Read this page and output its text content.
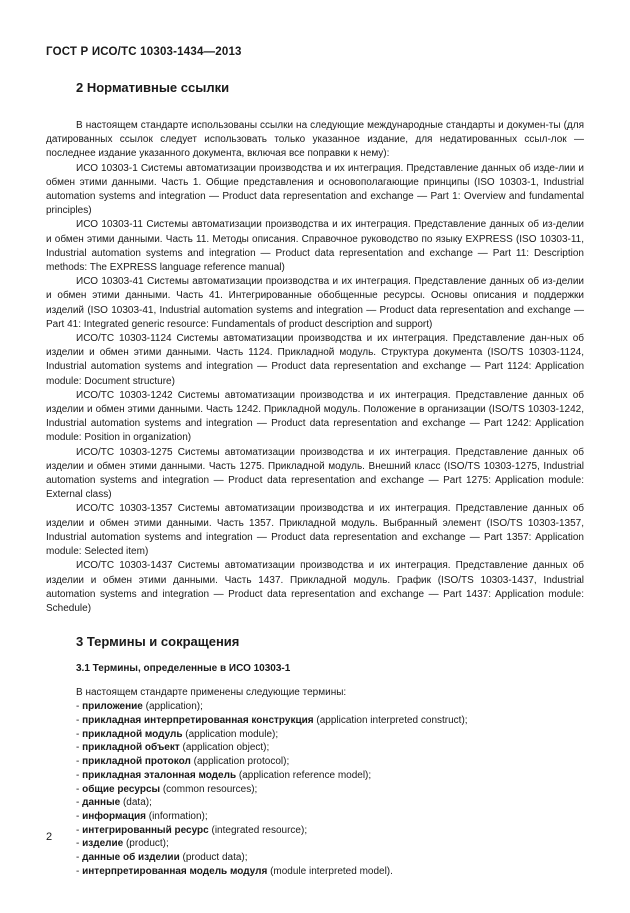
ГОСТ Р ИСО/ТС 10303-1434—2013
2 Нормативные ссылки

В настоящем стандарте использованы ссылки на следующие международные стандарты и докумен-ты (для датированных ссылок следует использовать только указанное издание, для недатированных ссыл-лок — последнее издание указанного документа, включая все поправки к нему):

ИСО 10303-1 Системы автоматизации производства и их интеграция. Представление данных об изде-лии и обмен этими данными. Часть 1. Общие представления и основополагающие принципы (ISO 10303-1, Industrial automation systems and integration — Product data representation and exchange — Part 1: Overview and fundamental principles)

ИСО 10303-11 Системы автоматизации производства и их интеграция. Представление данных об из-делии и обмен этими данными. Часть 11. Методы описания. Справочное руководство по языку EXPRESS (ISO 10303-11, Industrial automation systems and integration — Product data representation and exchange — Part 11: Description methods: The EXPRESS language reference manual)

ИСО 10303-41 Системы автоматизации производства и их интеграция. Представление данных об из-делии и обмен этими данными. Часть 41. Интегрированные обобщенные ресурсы. Основы описания и поддержки изделий (ISO 10303-41, Industrial automation systems and integration — Product data representation and exchange — Part 41: Integrated generic resource: Fundamentals of product description and support)

ИСО/ТС 10303-1124 Системы автоматизации производства и их интеграция. Представление дан-ных об изделии и обмен этими данными. Часть 1124. Прикладной модуль. Структура документа (ISO/TS 10303-1124, Industrial automation systems and integration — Product data representation and exchange — Part 1124: Application module: Document structure)

ИСО/ТС 10303-1242 Системы автоматизации производства и их интеграция. Представление данных об изделии и обмен этими данными. Часть 1242. Прикладной модуль. Положение в организации (ISO/TS 10303-1242, Industrial automation systems and integration — Product data representation and exchange — Part 1242: Application module: Position in organization)

ИСО/ТС 10303-1275 Системы автоматизации производства и их интеграция. Представление данных об изделии и обмен этими данными. Часть 1275. Прикладной модуль. Внешний класс (ISO/TS 10303-1275, Industrial automation systems and integration — Product data representation and exchange — Part 1275: Application module: External class)

ИСО/ТС 10303-1357 Системы автоматизации производства и их интеграция. Представление данных об изделии и обмен этими данными. Часть 1357. Прикладной модуль. Выбранный элемент (ISO/TS 10303-1357, Industrial automation systems and integration — Product data representation and exchange — Part 1357: Application module: Selected item)

ИСО/ТС 10303-1437 Системы автоматизации производства и их интеграция. Представление данных об изделии и обмен этими данными. Часть 1437. Прикладной модуль. График (ISO/TS 10303-1437, Industrial automation systems and integration — Product data representation and exchange — Part 1437: Application module: Schedule)

3 Термины и сокращения
3.1 Термины, определенные в ИСО 10303-1

В настоящем стандарте применены следующие термины:

- приложение (application);
- прикладная интерпретированная конструкция (application interpreted construct);
- прикладной модуль (application module);
- прикладной объект (application object);
- прикладной протокол (application protocol);
- прикладная эталонная модель (application reference model);
- общие ресурсы (common resources);
- данные (data);
- информация (information);
- интегрированный ресурс (integrated resource);
- изделие (product);
- данные об изделии (product data);
- интерпретированная модель модуля (module interpreted model).
2
